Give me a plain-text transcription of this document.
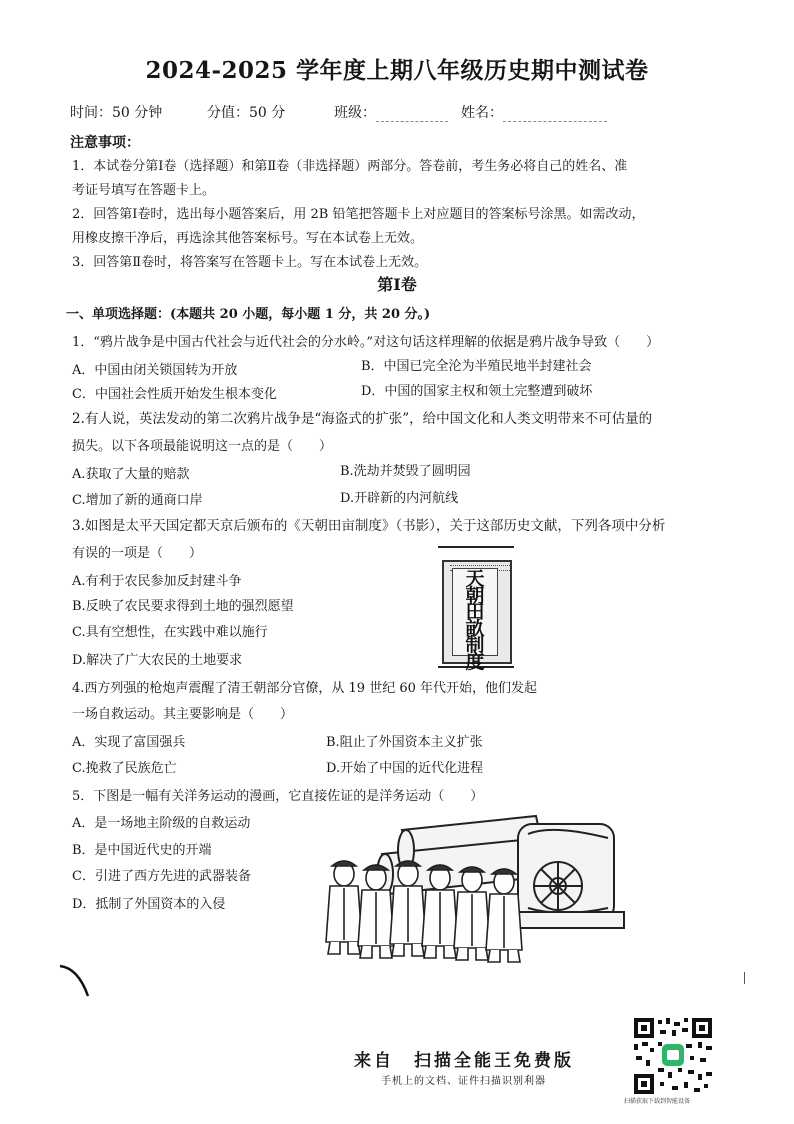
2024-2025 学年度上期八年级历史期中测试卷
时间：50 分钟	分值：50 分	班级：	姓名：
注意事项：
1．本试卷分第Ⅰ卷（选择题）和第Ⅱ卷（非选择题）两部分。答卷前，考生务必将自己的姓名、准
考证号填写在答题卡上。
2．回答第Ⅰ卷时，选出每小题答案后，用 2B 铅笔把答题卡上对应题目的答案标号涂黑。如需改动，
用橡皮擦干净后，再选涂其他答案标号。写在本试卷上无效。
3．回答第Ⅱ卷时，将答案写在答题卡上。写在本试卷上无效。
第Ⅰ卷
一、单项选择题：(本题共 20 小题，每小题 1 分，共 20 分。)
1．“鸦片战争是中国古代社会与近代社会的分水岭。”对这句话这样理解的依据是鸦片战争导致（　　）
A．中国由闭关锁国转为开放	B．中国已完全沦为半殖民地半封建社会
C．中国社会性质开始发生根本变化	D．中国的国家主权和领土完整遭到破坏
2.有人说，英法发动的第二次鸦片战争是“海盗式的扩张”，给中国文化和人类文明带来不可估量的
损失。以下各项最能说明这一点的是（　　）
A.获取了大量的赔款	B.洗劫并焚毁了圆明园
C.增加了新的通商口岸	D.开辟新的内河航线
3.如图是太平天国定都天京后颁布的《天朝田亩制度》（书影），关于这部历史文献，下列各项中分析
有误的一项是（　　）
A.有利于农民参加反封建斗争
B.反映了农民要求得到土地的强烈愿望
C.具有空想性，在实践中难以施行
D.解决了广大农民的土地要求
天
朝
田
畝
制
度
4.西方列强的枪炮声震醒了清王朝部分官僚，从 19 世纪 60 年代开始，他们发起
一场自救运动。其主要影响是（　　）
A．实现了富国强兵	B.阻止了外国资本主义扩张
C.挽救了民族危亡	D.开始了中国的近代化进程
5．下图是一幅有关洋务运动的漫画，它直接佐证的是洋务运动（　　）
A．是一场地主阶级的自救运动
B．是中国近代史的开端
C．引进了西方先进的武器装备
D．抵制了外国资本的入侵
来自　扫描全能王免费版
手机上的文档、证件扫描识别利器
扫描获取下载到智能设备
